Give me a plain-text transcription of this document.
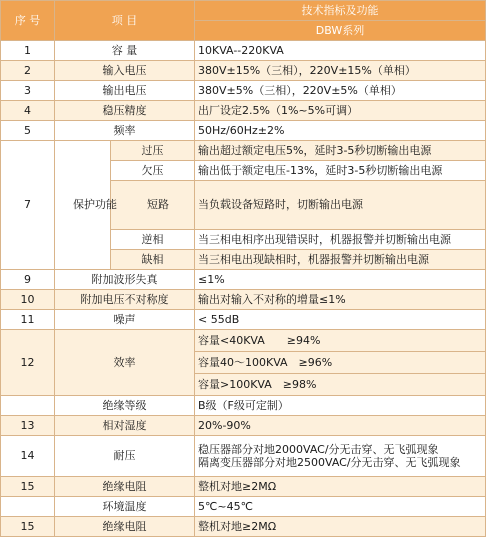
序 号	项 目		技术指标及功能
			DBW系列
1	容 量		10KVA--220KVA
2	输入电压		380V±15%（三相），220V±15%（单相）
3	输出电压		380V±5%（三相），220V±5%（单相）
4	稳压精度		出厂设定2.5%（1%~5%可调）
5	频率		50Hz/60Hz±2%
7	保护功能	过压	输出超过额定电压5%，延时3-5秒切断输出电源
		欠压	输出低于额定电压-13%，延时3-5秒切断输出电源
		短路	当负载设备短路时，切断输出电源

		逆相	当三相电相序出现错误时，机器报警并切断输出电源
		缺相	当三相电出现缺相时，机器报警并切断输出电源
9	附加波形失真		≤1%
10	附加电压不对称度		输出对输入不对称的增量≤1%
11	噪声		< 55dB
12	效率		容量<40KVA　　≥94%
			容量40～100KVA　≥96%
			容量>100KVA　≥98%
	绝缘等级		B级（F级可定制）
13	相对湿度		20%-90%
14	耐压		稳压器部分对地2000VAC/分无击穿、无飞弧现象
隔离变压器部分对地2500VAC/分无击穿、无飞弧现象

15	绝缘电阻		整机对地≥2MΩ
	环境温度		5℃~45℃
15	绝缘电阻		整机对地≥2MΩ
